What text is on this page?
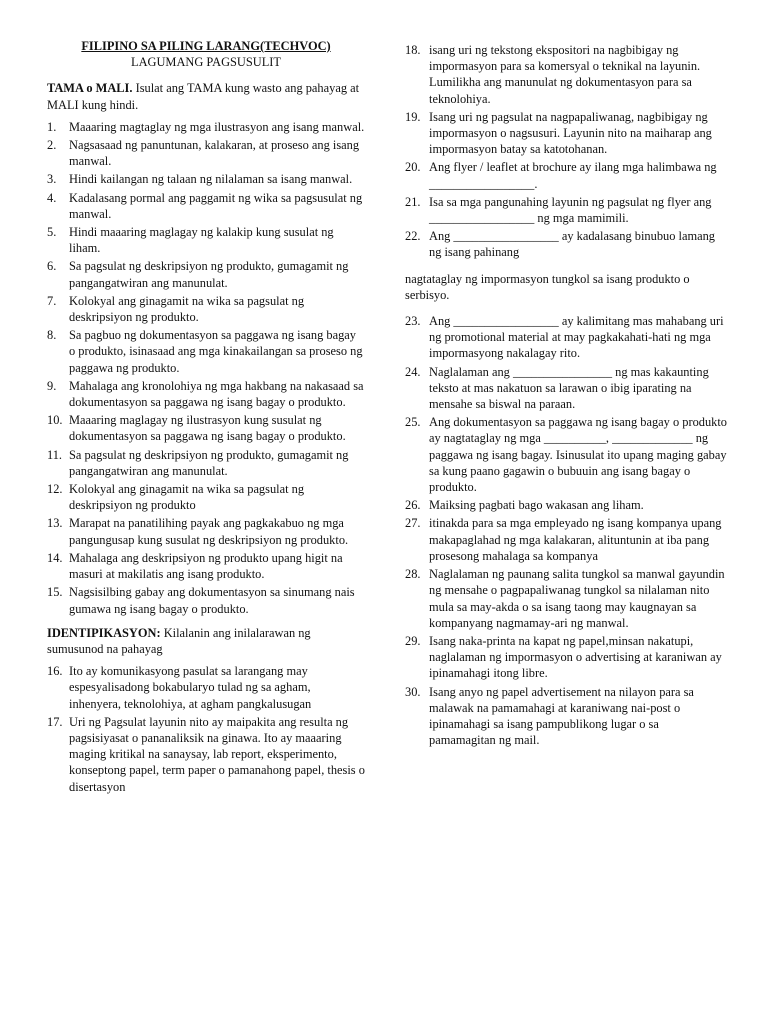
FILIPINO SA PILING LARANG(TECHVOC)

LAGUMANG PAGSUSULIT

TAMA o MALI. Isulat ang TAMA kung wasto ang pahayag at MALI kung hindi.

1. Maaaring magtaglay ng mga ilustrasyon ang isang manwal.
2. Nagsasaad ng panuntunan, kalakaran, at proseso ang isang manwal.
3. Hindi kailangan ng talaan ng nilalaman sa isang manwal.
4. Kadalasang pormal ang paggamit ng wika sa pagsusulat ng manwal.
5. Hindi maaaring maglagay ng kalakip kung susulat ng liham.
6. Sa pagsulat ng deskripsiyon ng produkto, gumagamit ng pangangatwiran ang manunulat.
7. Kolokyal ang ginagamit na wika sa pagsulat ng deskripsiyon ng produkto.
8. Sa pagbuo ng dokumentasyon sa paggawa ng isang bagay o produkto, isinasaad ang mga kinakailangan sa proseso ng paggawa ng produkto.
9. Mahalaga ang kronolohiya ng mga hakbang na nakasaad sa dokumentasyon sa paggawa ng isang bagay o produkto.
10. Maaaring maglagay ng ilustrasyon kung susulat ng dokumentasyon sa paggawa ng isang bagay o produkto.
11. Sa pagsulat ng deskripsiyon ng produkto, gumagamit ng pangangatwiran ang manunulat.
12. Kolokyal ang ginagamit na wika sa pagsulat ng deskripsiyon ng produkto
13. Marapat na panatilihing payak ang pagkakabuo ng mga pangungusap kung susulat ng deskripsiyon ng produkto.
14. Mahalaga ang deskripsiyon ng produkto upang higit na masuri at makilatis ang isang produkto.
15. Nagsisilbing gabay ang dokumentasyon sa sinumang nais gumawa ng isang bagay o produkto.

IDENTIPIKASYON: Kilalanin ang inilalarawan ng sumusunod na pahayag

16. Ito ay komunikasyong pasulat sa larangang may espesyalisadong bokabularyo tulad ng sa agham, inhenyera, teknolohiya, at agham pangkalusugan
17. Uri ng Pagsulat layunin nito ay maipakita ang resulta ng pagsisiyasat o pananaliksik na ginawa. Ito ay maaaring maging kritikal na sanaysay, lab report, eksperimento, konseptong papel, term paper o pamanahong papel, thesis o disertasyon
18. isang uri ng tekstong ekspositori na nagbibigay ng impormasyon para sa komersyal o teknikal na layunin. Lumilikha ang manunulat ng dokumentasyon para sa teknolohiya.
19. Isang uri ng pagsulat na nagpapaliwanag, nagbibigay ng impormasyon o nagsusuri. Layunin nito na maiharap ang impormasyon batay sa katotohanan.
20. Ang flyer / leaflet at brochure ay ilang mga halimbawa ng _________________.
21. Isa sa mga pangunahing layunin ng pagsulat ng flyer ang _________________ ng mga mamimili.
22. Ang _________________ ay kadalasang binubuo lamang ng isang pahinang

nagtataglay ng impormasyon tungkol sa isang produkto o serbisyo.

23. Ang _________________ ay kalimitang mas mahabang uri ng promotional material at may pagkakahati-hati ng mga impormasyong nakalagay rito.
24. Naglalaman ang ________________ ng mas kakaunting teksto at mas nakatuon sa larawan o ibig iparating na mensahe sa biswal na paraan.
25. Ang dokumentasyon sa paggawa ng isang bagay o produkto ay nagtataglay ng mga __________, _____________ ng paggawa ng isang bagay. Isinusulat ito upang maging gabay sa kung paano gagawin o bubuuin ang isang bagay o produkto.
26. Maiksing pagbati bago wakasan ang liham.
27. itinakda para sa mga empleyado ng isang kompanya upang makapaglahad ng mga kalakaran, alituntunin at iba pang prosesong mahalaga sa kompanya
28. Naglalaman ng paunang salita tungkol sa manwal gayundin ng mensahe o pagpapaliwanag tungkol sa nilalaman nito mula sa may-akda o sa isang taong may kaugnayan sa kompanyang nagmamay-ari ng manwal.
29. Isang naka-printa na kapat ng papel,minsan nakatupi, naglalaman ng impormasyon o advertising at karaniwan ay ipinamahagi itong libre.
30. Isang anyo ng papel advertisement na nilayon para sa malawak na pamamahagi at karaniwang nai-post o ipinamahagi sa isang pampublikong lugar o sa pamamagitan ng mail.
